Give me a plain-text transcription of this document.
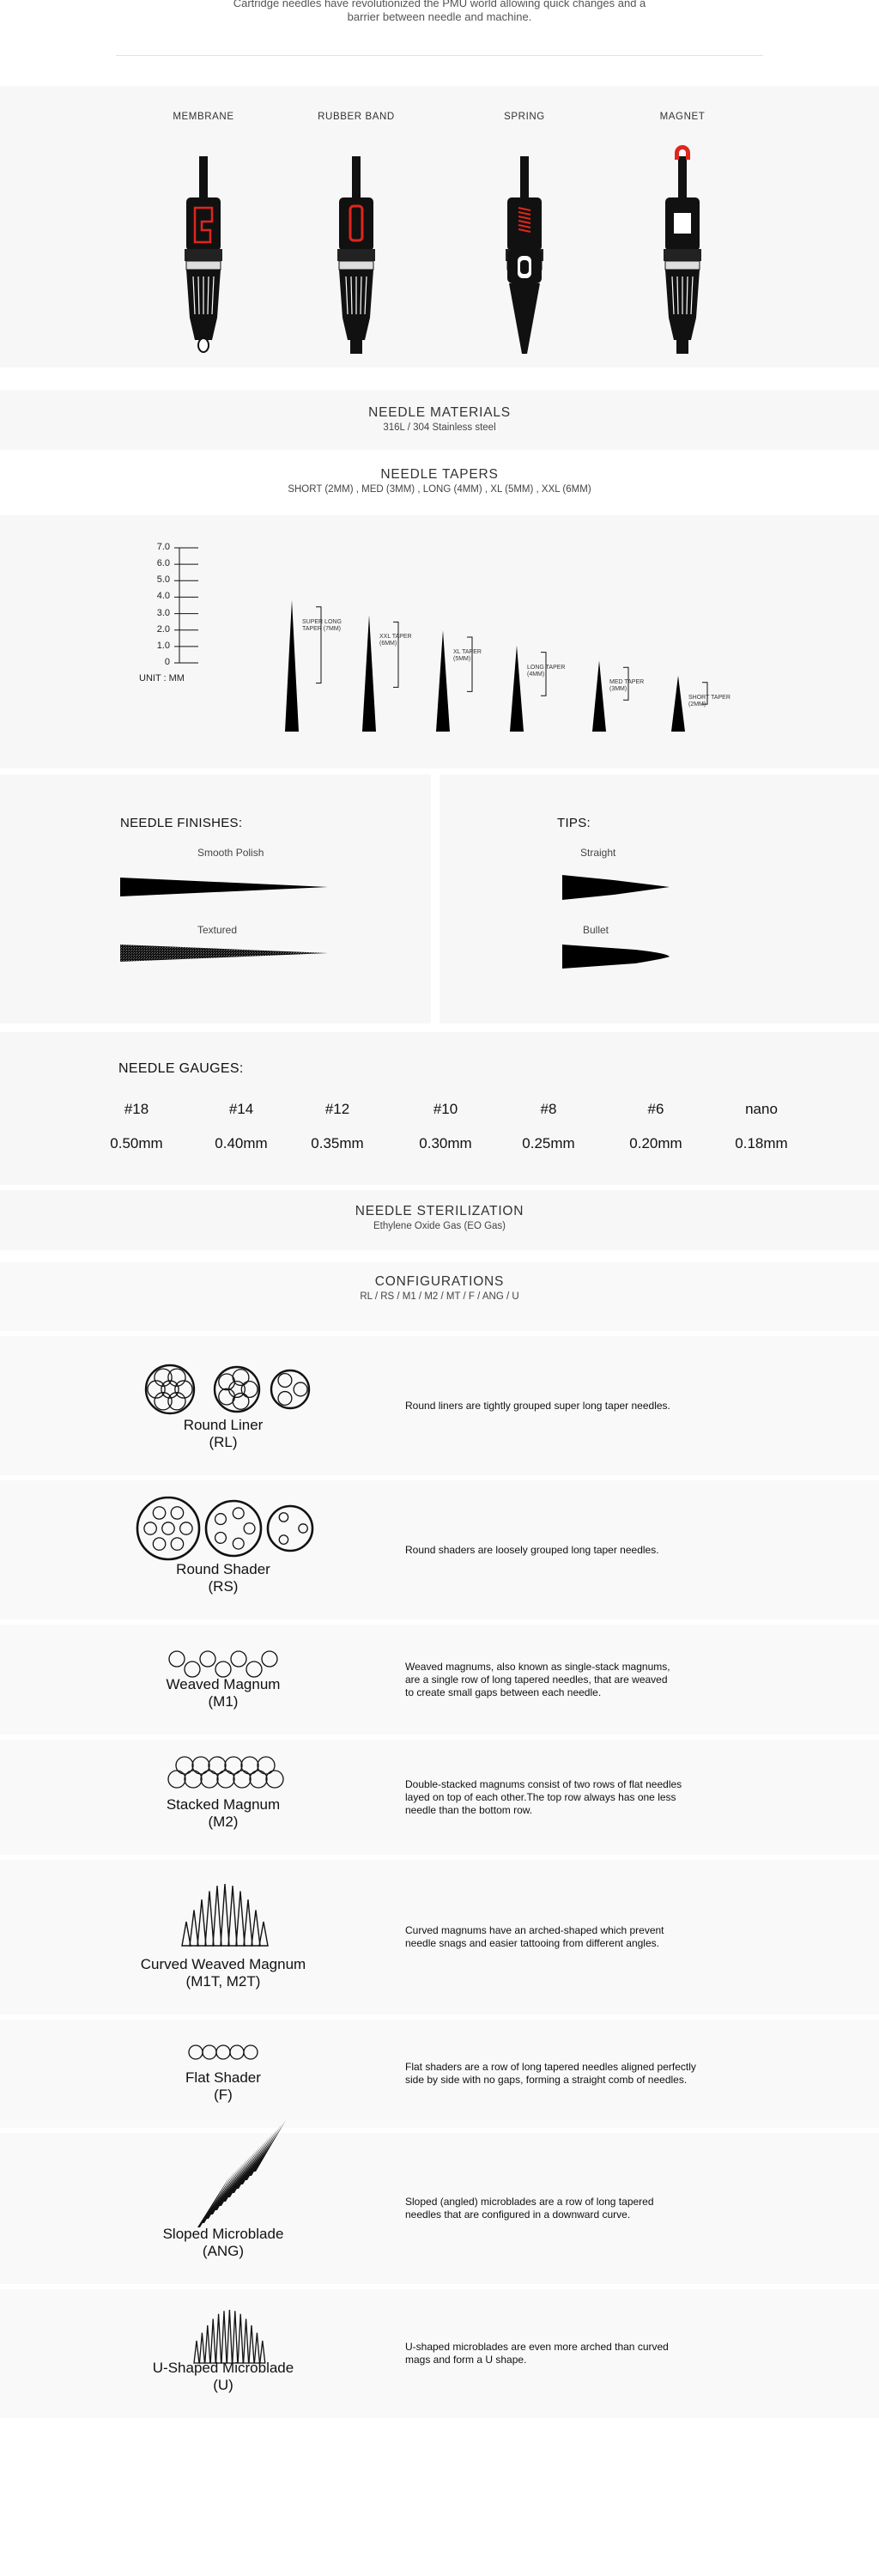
Cartridge needles have revolutionized the PMU world allowing quick changes and a
barrier between needle and machine.
MEMBRANE	RUBBER BAND	SPRING	MAGNET
NEEDLE MATERIALS
316L / 304 Stainless steel
NEEDLE TAPERS
SHORT (2MM) , MED (3MM) , LONG (4MM) , XL (5MM) , XXL (6MM)
7.0
6.0
5.0
4.0
3.0
2.0
1.0
0
UNIT : MM
SUPER LONG
TAPER (7MM)
XXL TAPER
(6MM)
XL TAPER
(5MM)
LONG TAPER
(4MM)
MED TAPER
(3MM)
SHORT TAPER
(2MM)
NEEDLE FINISHES:
Smooth Polish
Textured
TIPS:
Straight
Bullet
NEEDLE GAUGES:
#18
0.50mm
#14
0.40mm
#12
0.35mm
#10
0.30mm
#8
0.25mm
#6
0.20mm
nano
0.18mm
NEEDLE STERILIZATION
Ethylene Oxide Gas (EO Gas)
CONFIGURATIONS
RL / RS / M1 / M2 / MT / F / ANG / U
Round Liner
(RL)
Round liners are tightly grouped super long taper needles.
Round Shader
(RS)
Round shaders are loosely grouped long taper needles.
Weaved Magnum
(M1)
Weaved magnums, also known as single-stack magnums,
are a single row of long tapered needles, that are weaved
to create small gaps between each needle.
Stacked Magnum
(M2)
Double-stacked magnums consist of two rows of flat needles
layed on top of each other.The top row always has one less
needle than the bottom row.
Curved Weaved Magnum
(M1T, M2T)
Curved magnums have an arched-shaped which prevent
needle snags and easier tattooing from different angles.
Flat Shader
(F)
Flat shaders are a row of long tapered needles aligned perfectly
side by side with no gaps, forming a straight comb of needles.
Sloped Microblade
(ANG)
Sloped (angled) microblades are a row of long tapered
needles that are configured in a downward curve.
U-Shaped Microblade
(U)
U-shaped microblades are even more arched than curved
mags and form a U shape.
